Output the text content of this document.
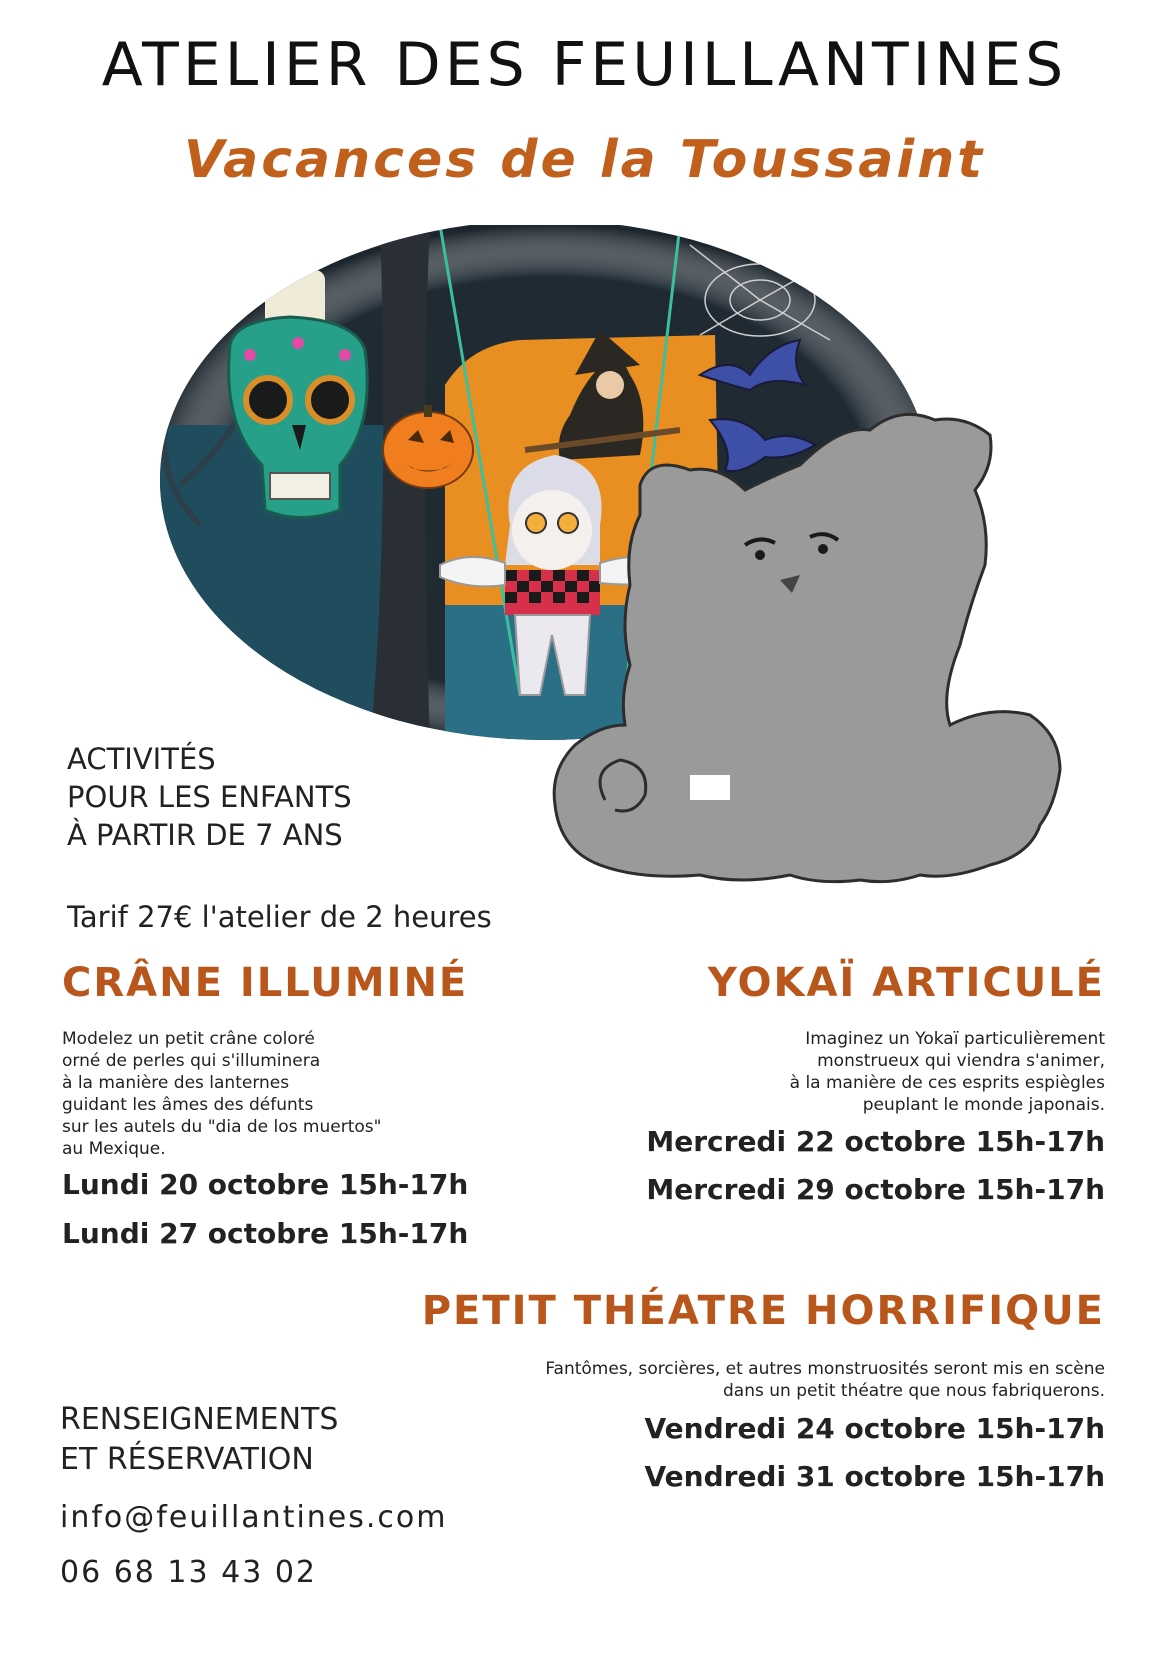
ATELIER DES FEUILLANTINES
Vacances de la Toussaint
ACTIVITÉS
POUR LES ENFANTS
À PARTIR DE 7 ANS
Tarif 27€ l'atelier de 2 heures
CRÂNE ILLUMINÉ
Modelez un petit crâne coloré
orné de perles qui s'illuminera
à la manière des lanternes
guidant les âmes des défunts
sur les autels du "dia de los muertos"
au Mexique.
Lundi 20 octobre 15h-17h
Lundi 27 octobre 15h-17h
YOKAÏ ARTICULÉ
Imaginez un Yokaï particulièrement
monstrueux qui viendra s'animer,
à la manière de ces esprits espiègles
peuplant le monde japonais.
Mercredi 22 octobre 15h-17h
Mercredi 29 octobre 15h-17h
PETIT THÉATRE HORRIFIQUE
Fantômes, sorcières, et autres monstruosités seront mis en scène
dans un petit théatre que nous fabriquerons.
Vendredi 24 octobre 15h-17h
Vendredi 31 octobre 15h-17h
RENSEIGNEMENTS
ET RÉSERVATION
info@feuillantines.com
06 68 13 43 02
